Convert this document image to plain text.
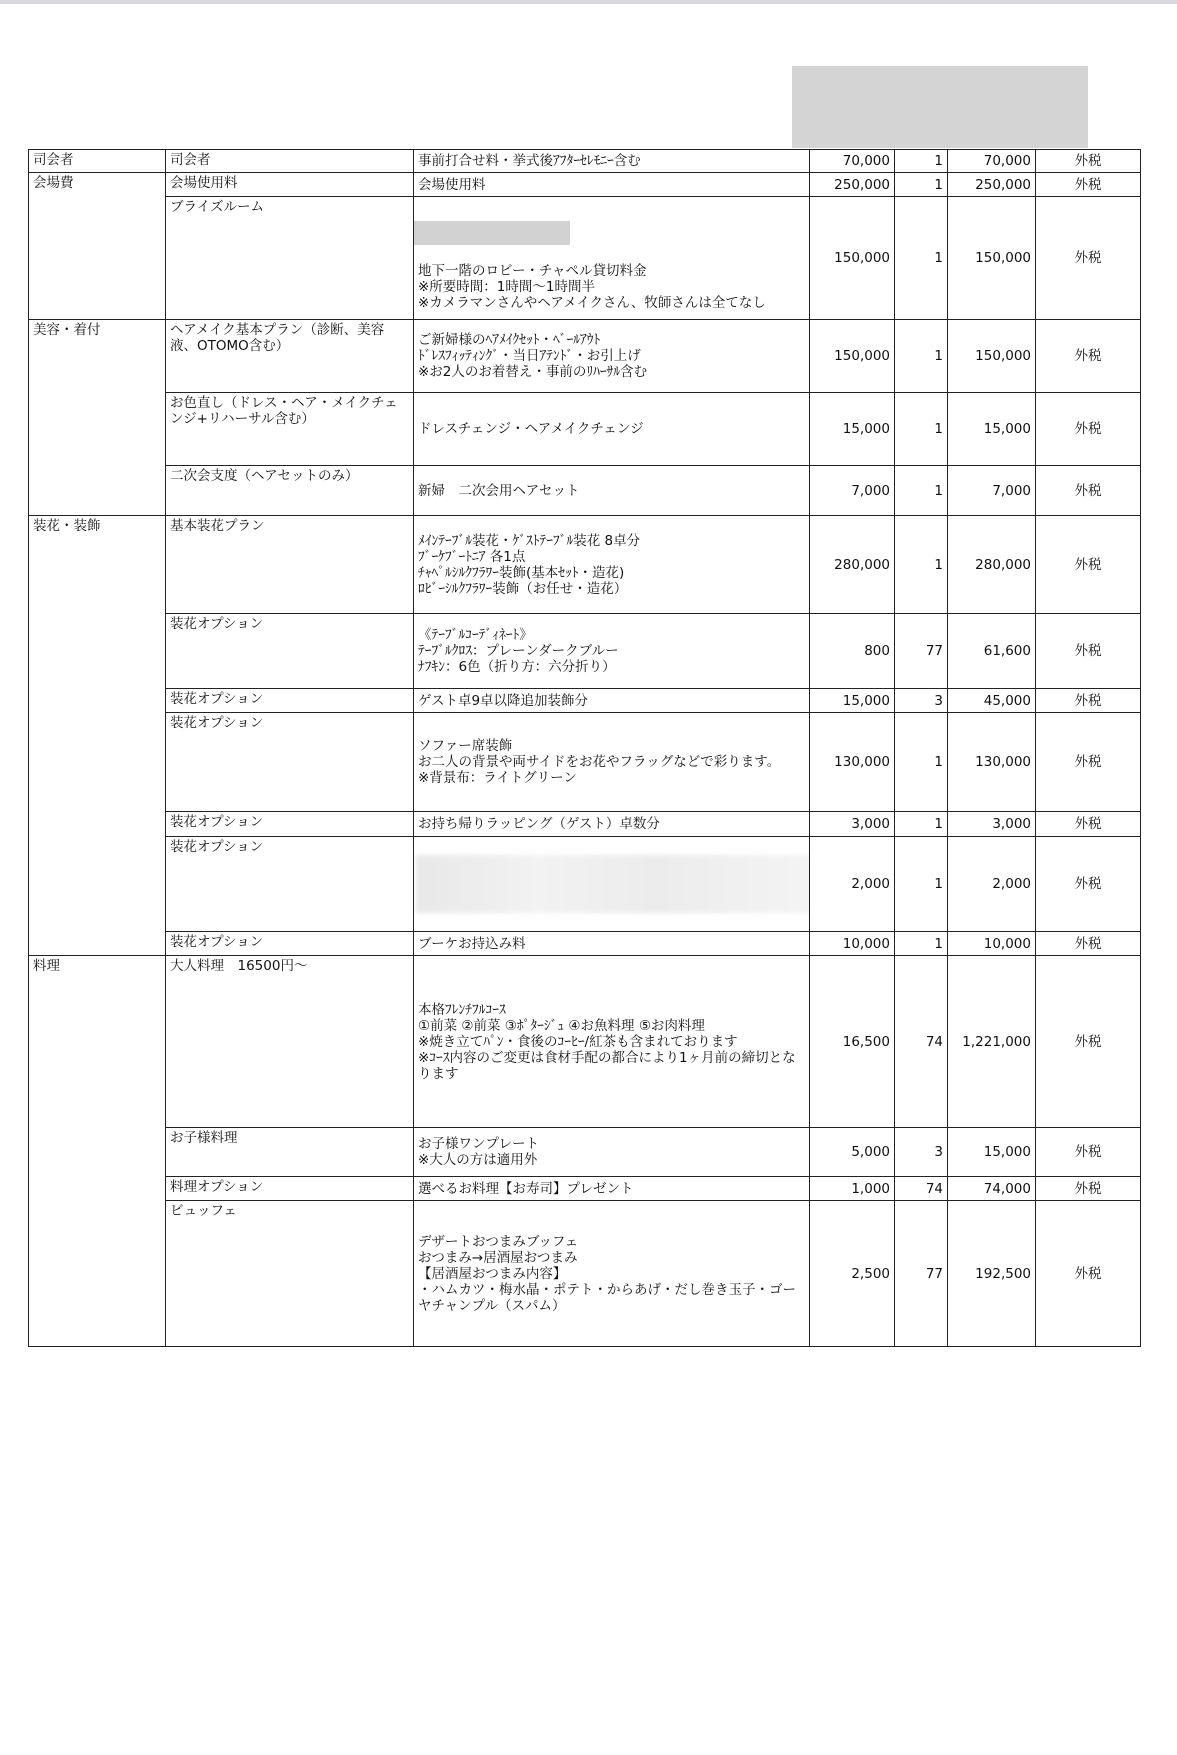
司会者	司会者	事前打合せ料・挙式後ｱﾌﾀｰｾﾚﾓﾆｰ含む	70,000	1	70,000	外税
会場費	会場使用料	会場使用料	250,000	1	250,000	外税
	ブライズルーム	地下一階のロビー・チャペル貸切料金
※所要時間：1時間～1時間半
※カメラマンさんやヘアメイクさん、牧師さんは全てなし	150,000	1	150,000	外税
美容・着付	ヘアメイク基本プラン（診断、美容液、OTOMO含む）	ご新婦様のﾍｱﾒｲｸｾｯﾄ・ﾍﾞｰﾙｱｳﾄ
ﾄﾞﾚｽﾌｨｯﾃｨﾝｸﾞ・当日ｱﾃﾝﾄﾞ・お引上げ
※お2人のお着替え・事前のﾘﾊｰｻﾙ含む	150,000	1	150,000	外税
	お色直し（ドレス・ヘア・メイクチェンジ+リハーサル含む）	ドレスチェンジ・ヘアメイクチェンジ	15,000	1	15,000	外税
	二次会支度（ヘアセットのみ）	新婦　二次会用ヘアセット	7,000	1	7,000	外税
装花・装飾	基本装花プラン	ﾒｲﾝﾃｰﾌﾞﾙ装花・ｹﾞｽﾄﾃｰﾌﾞﾙ装花 8卓分
ﾌﾞｰｹﾌﾞｰﾄﾆｱ 各1点
ﾁｬﾍﾟﾙｼﾙｸﾌﾗﾜｰ装飾(基本ｾｯﾄ・造花)
ﾛﾋﾞｰｼﾙｸﾌﾗﾜｰ装飾（お任せ・造花）	280,000	1	280,000	外税
	装花オプション	《ﾃｰﾌﾞﾙｺｰﾃﾞｨﾈｰﾄ》
ﾃｰﾌﾞﾙｸﾛｽ：プレーンダークブルー
ﾅﾌｷﾝ：6色（折り方：六分折り）	800	77	61,600	外税
	装花オプション	ゲスト卓9卓以降追加装飾分	15,000	3	45,000	外税
	装花オプション	ソファー席装飾
お二人の背景や両サイドをお花やフラッグなどで彩ります。
※背景布：ライトグリーン	130,000	1	130,000	外税
	装花オプション	お持ち帰りラッピング（ゲスト）卓数分	3,000	1	3,000	外税
	装花オプション		2,000	1	2,000	外税
	装花オプション	ブーケお持込み料	10,000	1	10,000	外税
料理	大人料理　16500円～	本格ﾌﾚﾝﾁﾌﾙｺｰｽ
①前菜 ②前菜 ③ﾎﾟﾀｰｼﾞｭ ④お魚料理 ⑤お肉料理
※焼き立てﾊﾟﾝ・食後のｺｰﾋｰ/紅茶も含まれております
※ｺｰｽ内容のご変更は食材手配の都合により1ヶ月前の締切となります	16,500	74	1,221,000	外税
	お子様料理	お子様ワンプレート
※大人の方は適用外	5,000	3	15,000	外税
	料理オプション	選べるお料理【お寿司】プレゼント	1,000	74	74,000	外税
	ビュッフェ	デザートおつまみブッフェ
おつまみ→居酒屋おつまみ
【居酒屋おつまみ内容】
・ハムカツ・梅水晶・ポテト・からあげ・だし巻き玉子・ゴーヤチャンプル（スパム）	2,500	77	192,500	外税
